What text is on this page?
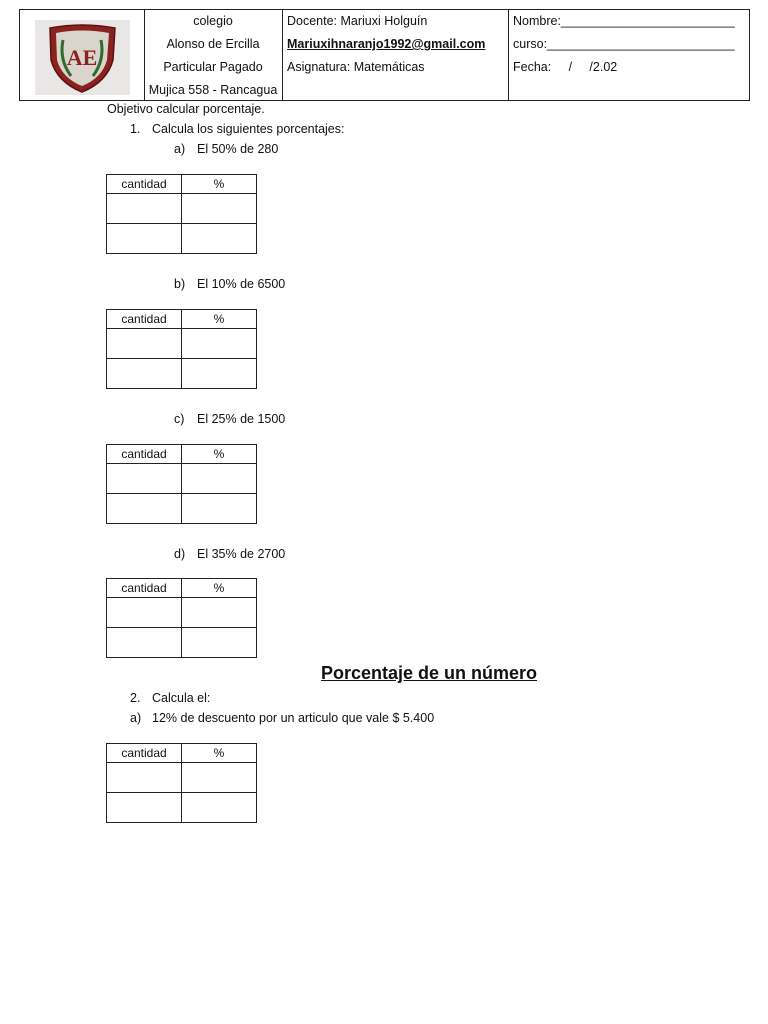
AE
colegio
Alonso de Ercilla
Particular Pagado
Mujica 558 - Rancagua
Docente: Mariuxi Holguín
Mariuxihnaranjo1992@gmail.com
Asignatura: Matemáticas
Nombre:_________________________
curso:___________________________
Fecha:     /     /2.02
Objetivo calcular porcentaje.
1. Calcula los siguientes porcentajes:
a) El 50% de 280
cantidad	%

b) El 10% de 6500
cantidad	%

c) El 25% de 1500
cantidad	%

d) El 35% de 2700
cantidad	%

Porcentaje de un número
2. Calcula el:
a) 12% de descuento por un articulo que vale $ 5.400
cantidad	%
